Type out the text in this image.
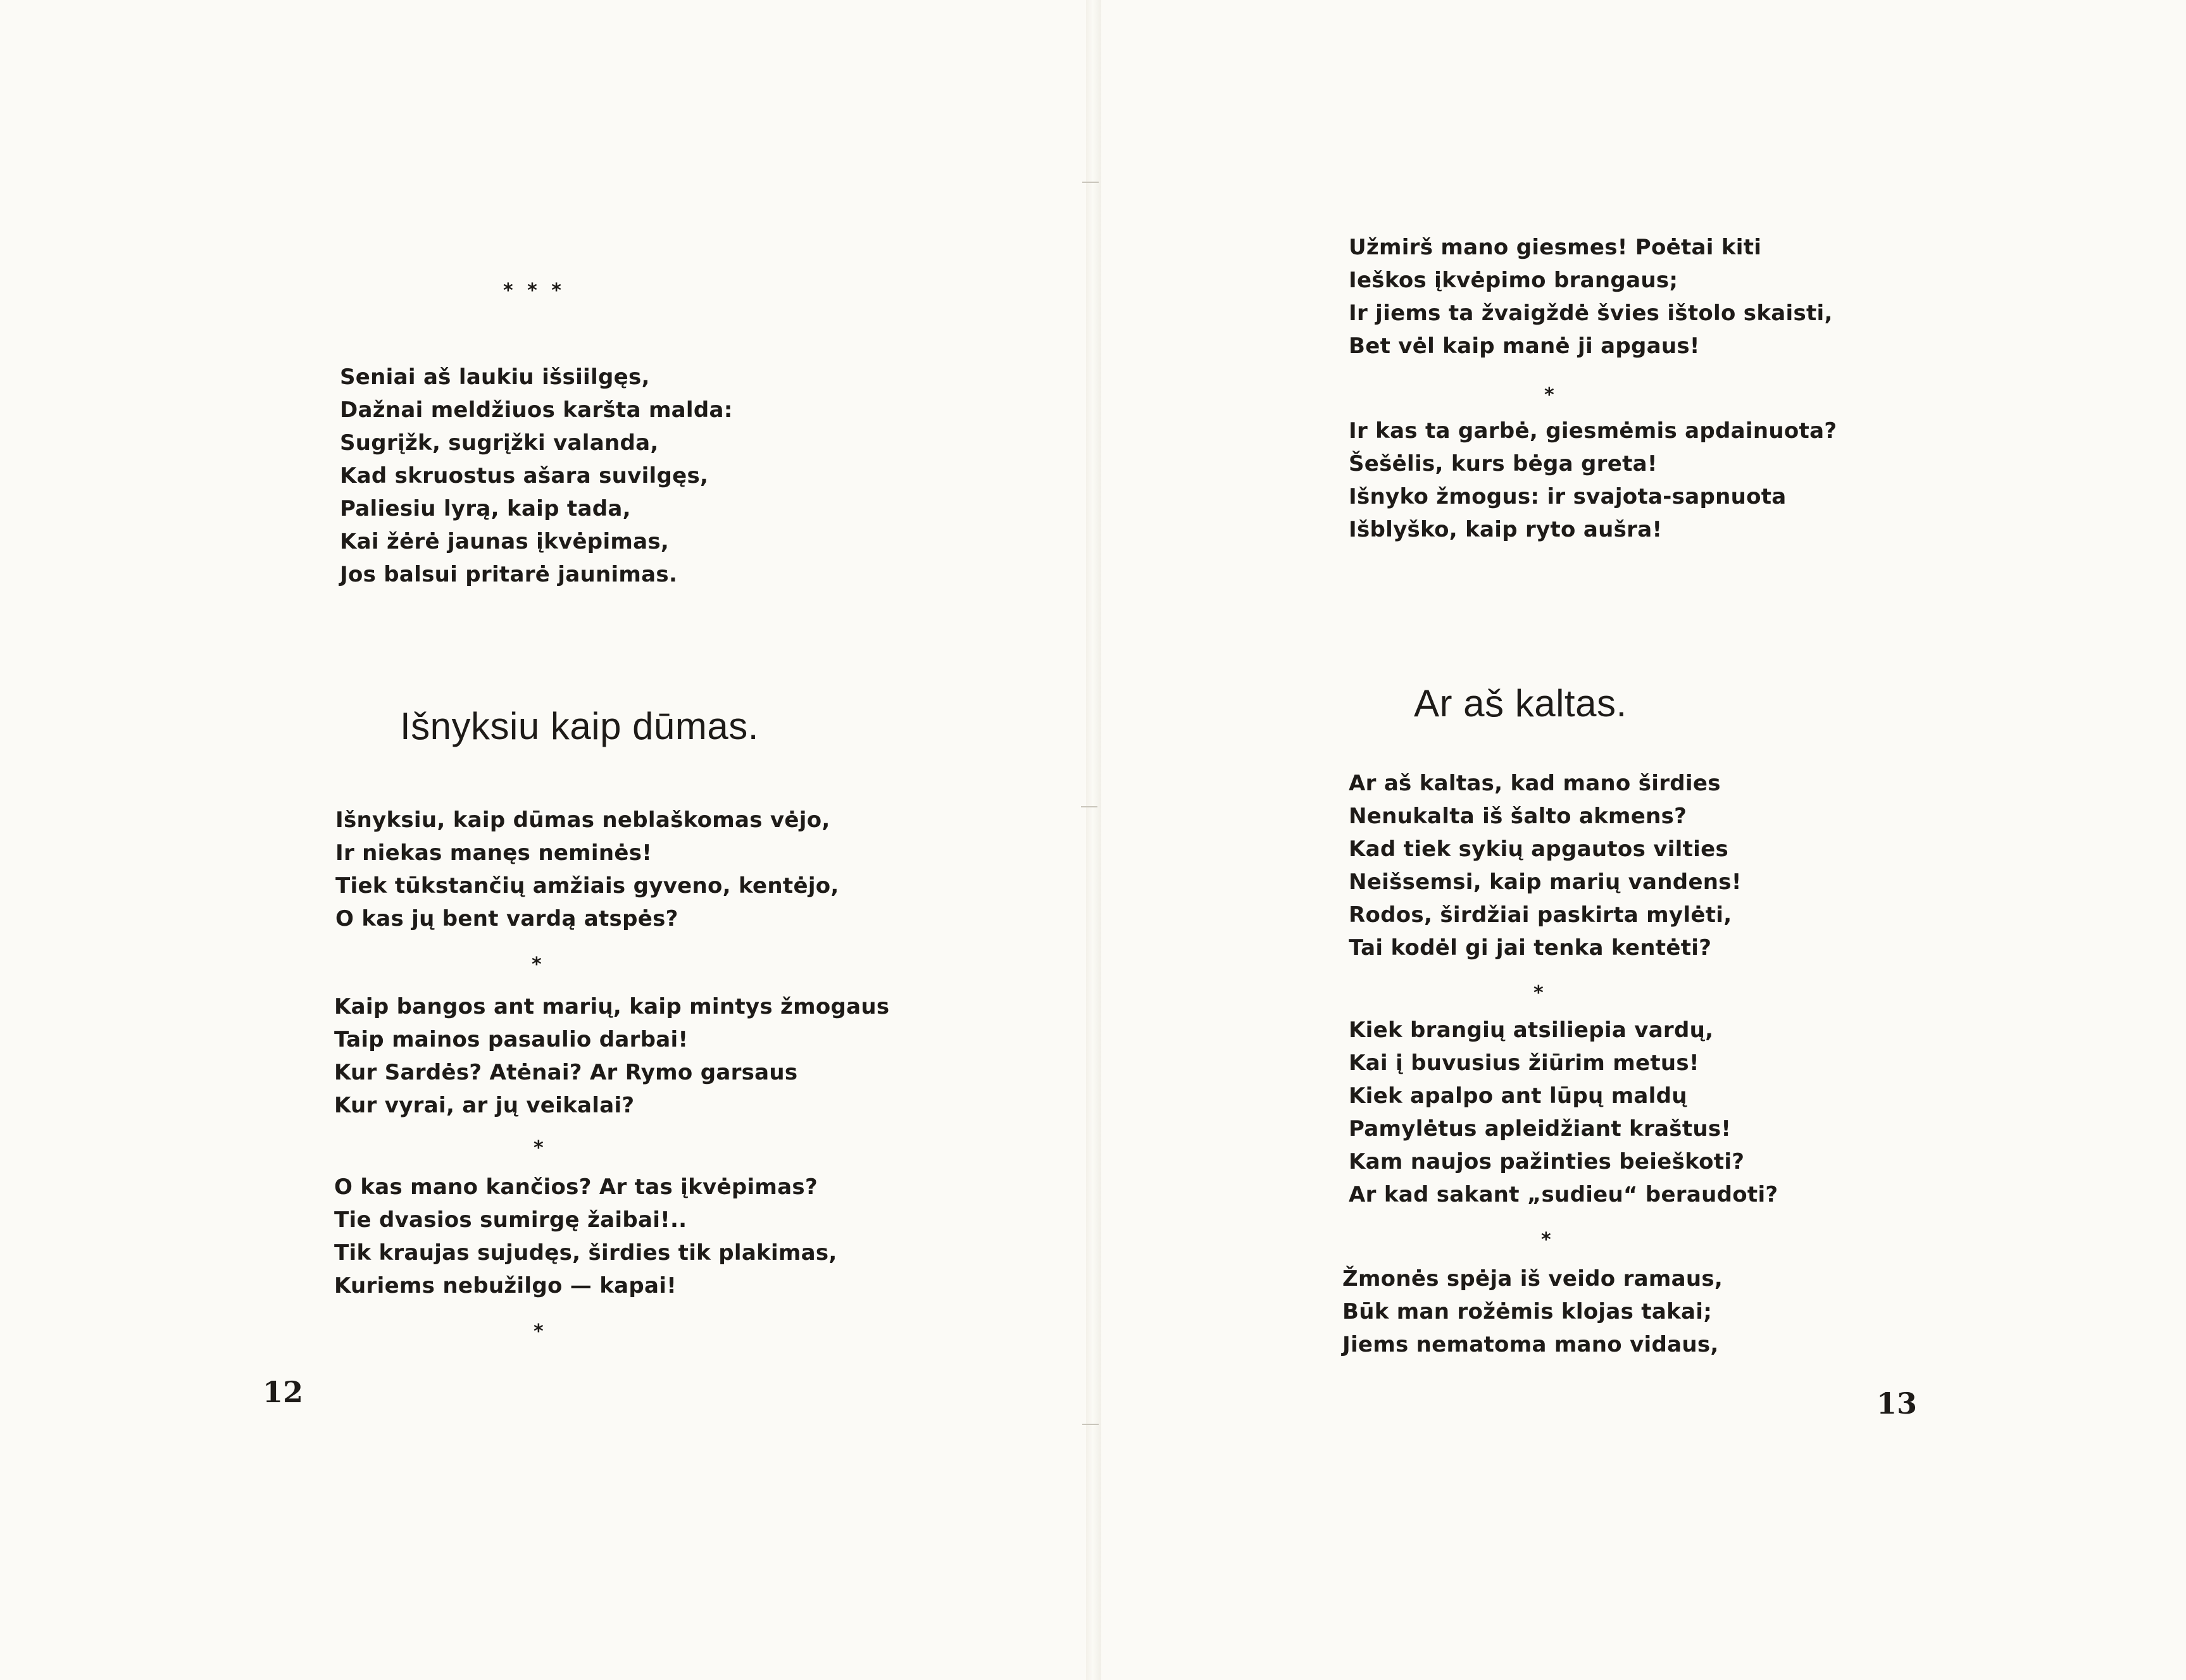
* * *
Seniai aš laukiu išsiilgęs,
Dažnai meldžiuos karšta malda:
Sugrįžk, sugrįžki valanda,
Kad skruostus ašara suvilgęs,
Paliesiu lyrą, kaip tada,
Kai žėrė jaunas įkvėpimas,
Jos balsui pritarė jaunimas.
Išnyksiu kaip dūmas.
Išnyksiu, kaip dūmas neblaškomas vėjo,
Ir niekas manęs neminės!
Tiek tūkstančių amžiais gyveno, kentėjo,
O kas jų bent vardą atspės?
*
Kaip bangos ant marių, kaip mintys žmogaus
Taip mainos pasaulio darbai!
Kur Sardės? Atėnai? Ar Rymo garsaus
Kur vyrai, ar jų veikalai?
*
O kas mano kančios? Ar tas įkvėpimas?
Tie dvasios sumirgę žaibai!..
Tik kraujas sujudęs, širdies tik plakimas,
Kuriems nebužilgo — kapai!
*
12
Užmirš mano giesmes! Poėtai kiti
Ieškos įkvėpimo brangaus;
Ir jiems ta žvaigždė švies ištolo skaisti,
Bet vėl kaip manė ji apgaus!
*
Ir kas ta garbė, giesmėmis apdainuota?
Šešėlis, kurs bėga greta!
Išnyko žmogus: ir svajota-sapnuota
Išblyško, kaip ryto aušra!
Ar aš kaltas.
Ar aš kaltas, kad mano širdies
Nenukalta iš šalto akmens?
Kad tiek sykių apgautos vilties
Neišsemsi, kaip marių vandens!
Rodos, širdžiai paskirta mylėti,
Tai kodėl gi jai tenka kentėti?
*
Kiek brangių atsiliepia vardų,
Kai į buvusius žiūrim metus!
Kiek apalpo ant lūpų maldų
Pamylėtus apleidžiant kraštus!
Kam naujos pažinties beieškoti?
Ar kad sakant „sudieu“ beraudoti?
*
Žmonės spėja iš veido ramaus,
Būk man rožėmis klojas takai;
Jiems nematoma mano vidaus,
13
